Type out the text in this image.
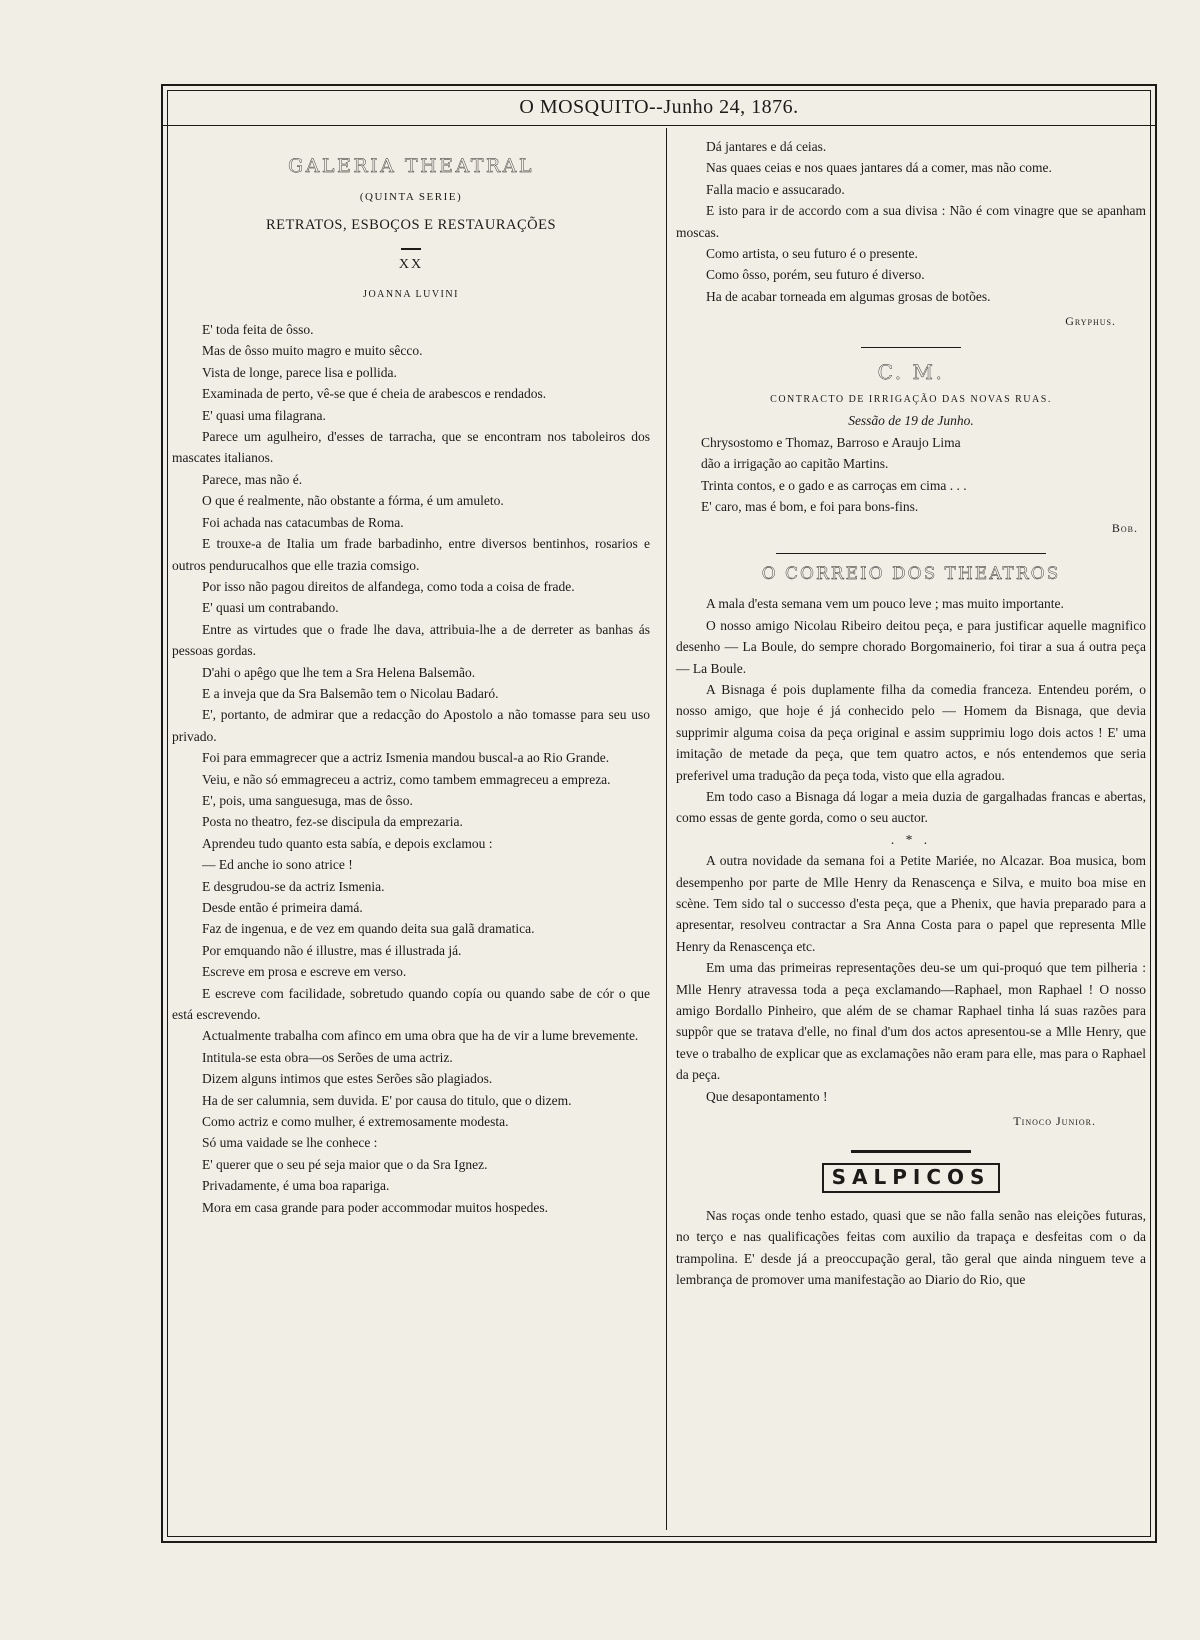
O MOSQUITO--Junho 24, 1876.

GALERIA THEATRAL

(QUINTA SERIE)

RETRATOS, ESBOÇOS E RESTAURAÇÕES

XX

JOANNA LUVINI

E' toda feita de ôsso.

Mas de ôsso muito magro e muito sêcco.

Vista de longe, parece lisa e pollida.

Examinada de perto, vê-se que é cheia de arabescos e rendados.

E' quasi uma filagrana.

Parece um agulheiro, d'esses de tarracha, que se encontram nos taboleiros dos mascates italianos.

Parece, mas não é.

O que é realmente, não obstante a fórma, é um amuleto.

Foi achada nas catacumbas de Roma.

E trouxe-a de Italia um frade barbadinho, entre diversos bentinhos, rosarios e outros pendurucalhos que elle trazia comsigo.

Por isso não pagou direitos de alfandega, como toda a coisa de frade.

E' quasi um contrabando.

Entre as virtudes que o frade lhe dava, attribuia-lhe a de derreter as banhas ás pessoas gordas.

D'ahi o apêgo que lhe tem a Sra Helena Balsemão.

E a inveja que da Sra Balsemão tem o Nicolau Badaró.

E', portanto, de admirar que a redacção do Apostolo a não tomasse para seu uso privado.

Foi para emmagrecer que a actriz Ismenia mandou buscal-a ao Rio Grande.

Veiu, e não só emmagreceu a actriz, como tambem emmagreceu a empreza.

E', pois, uma sanguesuga, mas de ôsso.

Posta no theatro, fez-se discipula da emprezaria.

Aprendeu tudo quanto esta sabía, e depois exclamou :

— Ed anche io sono atrice !

E desgrudou-se da actriz Ismenia.

Desde então é primeira damá.

Faz de ingenua, e de vez em quando deita sua galã dramatica.

Por emquando não é illustre, mas é illustrada já.

Escreve em prosa e escreve em verso.

E escreve com facilidade, sobretudo quando copía ou quando sabe de cór o que está escrevendo.

Actualmente trabalha com afinco em uma obra que ha de vir a lume brevemente.

Intitula-se esta obra—os Serões de uma actriz.

Dizem alguns intimos que estes Serões são plagiados.

Ha de ser calumnia, sem duvida. E' por causa do titulo, que o dizem.

Como actriz e como mulher, é extremosamente modesta.

Só uma vaidade se lhe conhece :

E' querer que o seu pé seja maior que o da Sra Ignez.

Privadamente, é uma boa rapariga.

Mora em casa grande para poder accommodar muitos hospedes.

Dá jantares e dá ceias.

Nas quaes ceias e nos quaes jantares dá a comer, mas não come.

Falla macio e assucarado.

E isto para ir de accordo com a sua divisa : Não é com vinagre que se apanham moscas.

Como artista, o seu futuro é o presente.

Como ôsso, porém, seu futuro é diverso.

Ha de acabar torneada em algumas grosas de botões.

Gryphus.

C. M.

CONTRACTO DE IRRIGAÇÃO DAS NOVAS RUAS.

Sessão de 19 de Junho.

Chrysostomo e Thomaz, Barroso e Araujo Lima

dão a irrigação ao capitão Martins.

Trinta contos, e o gado e as carroças em cima . . .

E' caro, mas é bom, e foi para bons-fins.

Bob.

O CORREIO DOS THEATROS

A mala d'esta semana vem um pouco leve ; mas muito importante.

O nosso amigo Nicolau Ribeiro deitou peça, e para justificar aquelle magnifico desenho — La Boule, do sempre chorado Borgomainerio, foi tirar a sua á outra peça — La Boule.

A Bisnaga é pois duplamente filha da comedia franceza. Entendeu porém, o nosso amigo, que hoje é já conhecido pelo — Homem da Bisnaga, que devia supprimir alguma coisa da peça original e assim supprimiu logo dois actos ! E' uma imitação de metade da peça, que tem quatro actos, e nós entendemos que seria preferivel uma tradução da peça toda, visto que ella agradou.

Em todo caso a Bisnaga dá logar a meia duzia de gargalhadas francas e abertas, como essas de gente gorda, como o seu auctor.

. * .

A outra novidade da semana foi a Petite Mariée, no Alcazar. Boa musica, bom desempenho por parte de Mlle Henry da Renascença e Silva, e muito boa mise en scène. Tem sido tal o successo d'esta peça, que a Phenix, que havia preparado para a apresentar, resolveu contractar a Sra Anna Costa para o papel que representa Mlle Henry da Renascença etc.

Em uma das primeiras representações deu-se um qui-proquó que tem pilheria : Mlle Henry atravessa toda a peça exclamando—Raphael, mon Raphael ! O nosso amigo Bordallo Pinheiro, que além de se chamar Raphael tinha lá suas razões para suppôr que se tratava d'elle, no final d'um dos actos apresentou-se a Mlle Henry, que teve o trabalho de explicar que as exclamações não eram para elle, mas para o Raphael da peça.

Que desapontamento !

Tinoco Junior.

SALPICOS

Nas roças onde tenho estado, quasi que se não falla senão nas eleições futuras, no terço e nas qualificações feitas com auxilio da trapaça e desfeitas com o da trampolina. E' desde já a preoccupação geral, tão geral que ainda ninguem teve a lembrança de promover uma manifestação ao Diario do Rio, que
